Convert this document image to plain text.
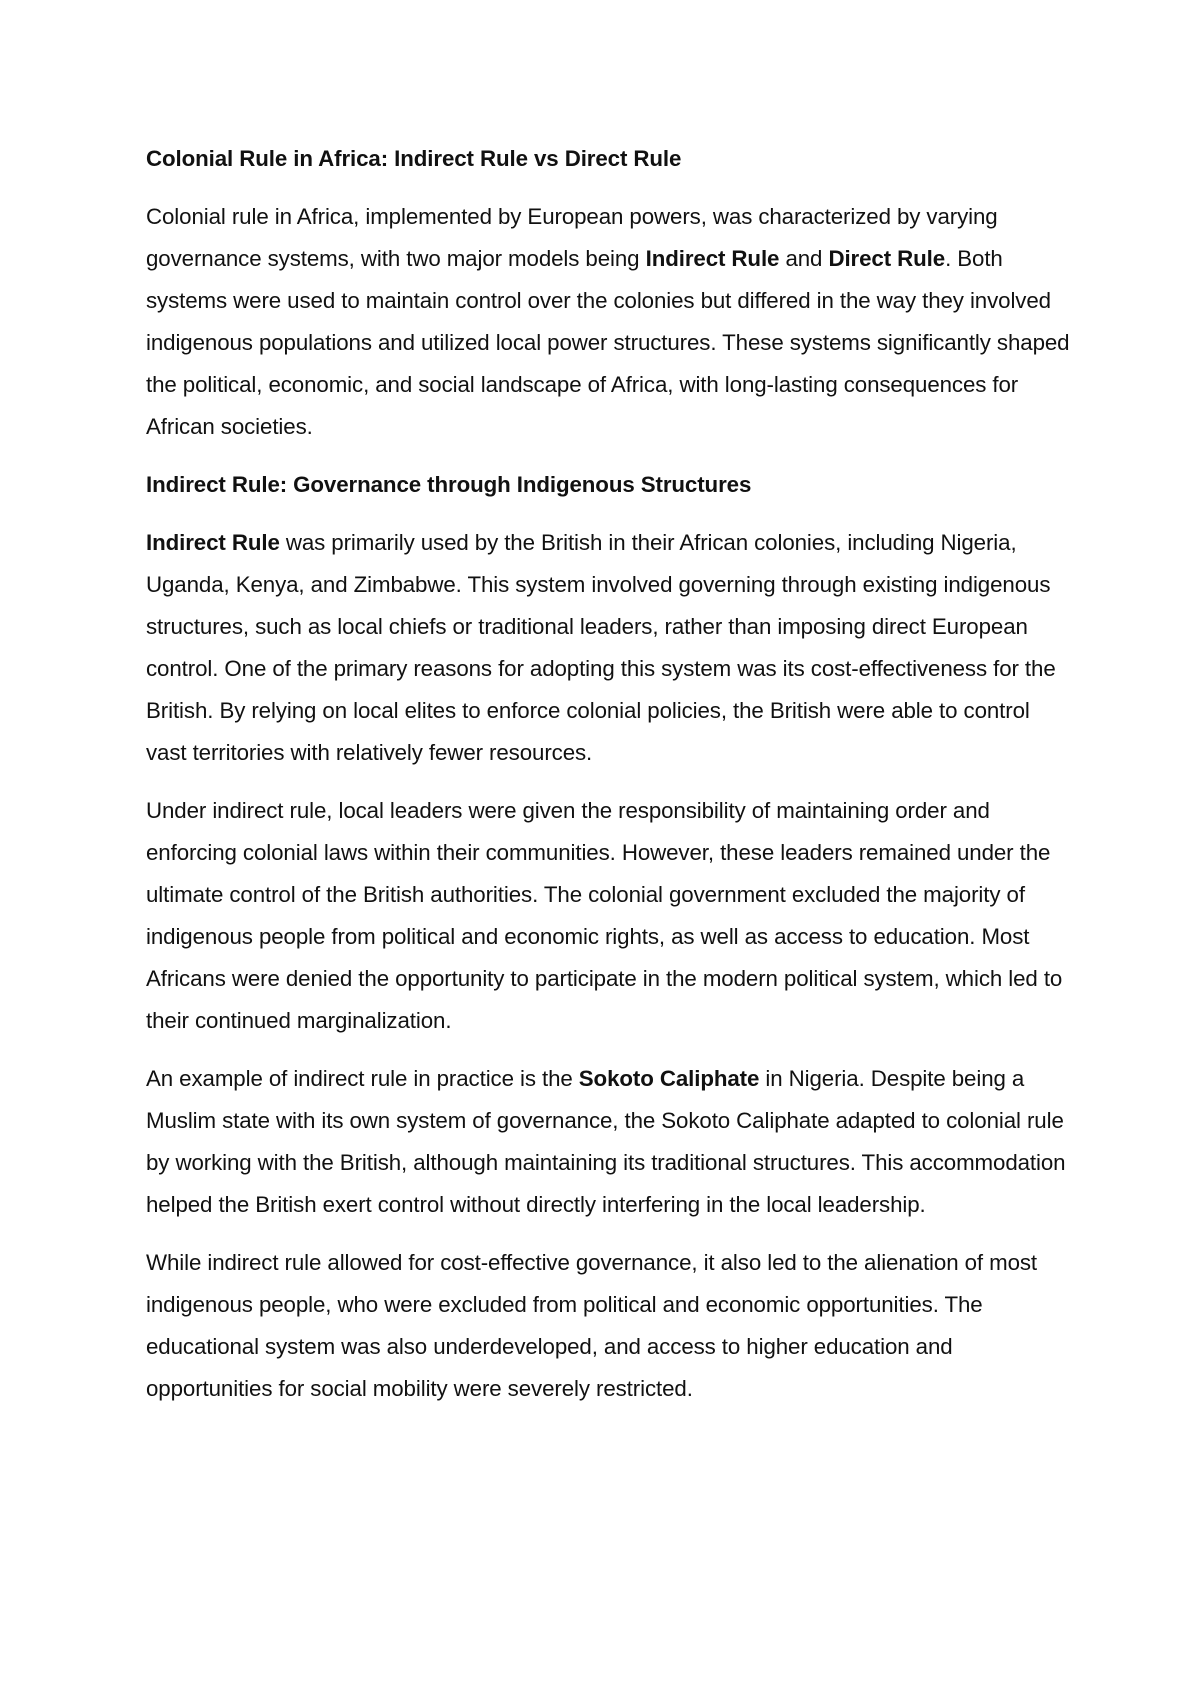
Colonial Rule in Africa: Indirect Rule vs Direct Rule

Colonial rule in Africa, implemented by European powers, was characterized by varying governance systems, with two major models being Indirect Rule and Direct Rule. Both systems were used to maintain control over the colonies but differed in the way they involved indigenous populations and utilized local power structures. These systems significantly shaped the political, economic, and social landscape of Africa, with long-lasting consequences for African societies.

Indirect Rule: Governance through Indigenous Structures

Indirect Rule was primarily used by the British in their African colonies, including Nigeria, Uganda, Kenya, and Zimbabwe. This system involved governing through existing indigenous structures, such as local chiefs or traditional leaders, rather than imposing direct European control. One of the primary reasons for adopting this system was its cost-effectiveness for the British. By relying on local elites to enforce colonial policies, the British were able to control vast territories with relatively fewer resources.

Under indirect rule, local leaders were given the responsibility of maintaining order and enforcing colonial laws within their communities. However, these leaders remained under the ultimate control of the British authorities. The colonial government excluded the majority of indigenous people from political and economic rights, as well as access to education. Most Africans were denied the opportunity to participate in the modern political system, which led to their continued marginalization.

An example of indirect rule in practice is the Sokoto Caliphate in Nigeria. Despite being a Muslim state with its own system of governance, the Sokoto Caliphate adapted to colonial rule by working with the British, although maintaining its traditional structures. This accommodation helped the British exert control without directly interfering in the local leadership.

While indirect rule allowed for cost-effective governance, it also led to the alienation of most indigenous people, who were excluded from political and economic opportunities. The educational system was also underdeveloped, and access to higher education and opportunities for social mobility were severely restricted.
